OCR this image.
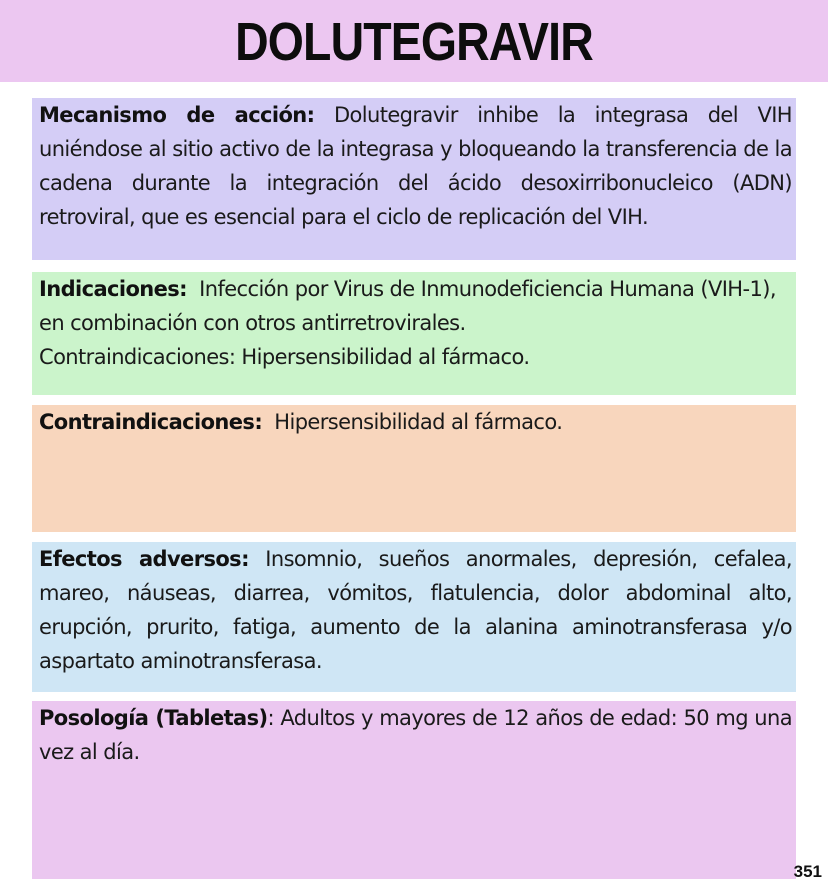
DOLUTEGRAVIR

Mecanismo de acción: Dolutegravir inhibe la integrasa del VIH uniéndose al sitio activo de la integrasa y bloqueando la transferencia de la cadena durante la integración del ácido desoxirribonucleico (ADN) retroviral, que es esencial para el ciclo de replicación del VIH.

Indicaciones: Infección por Virus de Inmunodeficiencia Humana (VIH-1), en combinación con otros antirretrovirales.

Contraindicaciones: Hipersensibilidad al fármaco.

Contraindicaciones: Hipersensibilidad al fármaco.

Efectos adversos: Insomnio, sueños anormales, depresión, cefalea, mareo, náuseas, diarrea, vómitos, flatulencia, dolor abdominal alto, erupción, prurito, fatiga, aumento de la alanina aminotransferasa y/o aspartato aminotransferasa.

Posología (Tabletas): Adultos y mayores de 12 años de edad: 50 mg una vez al día.

351
